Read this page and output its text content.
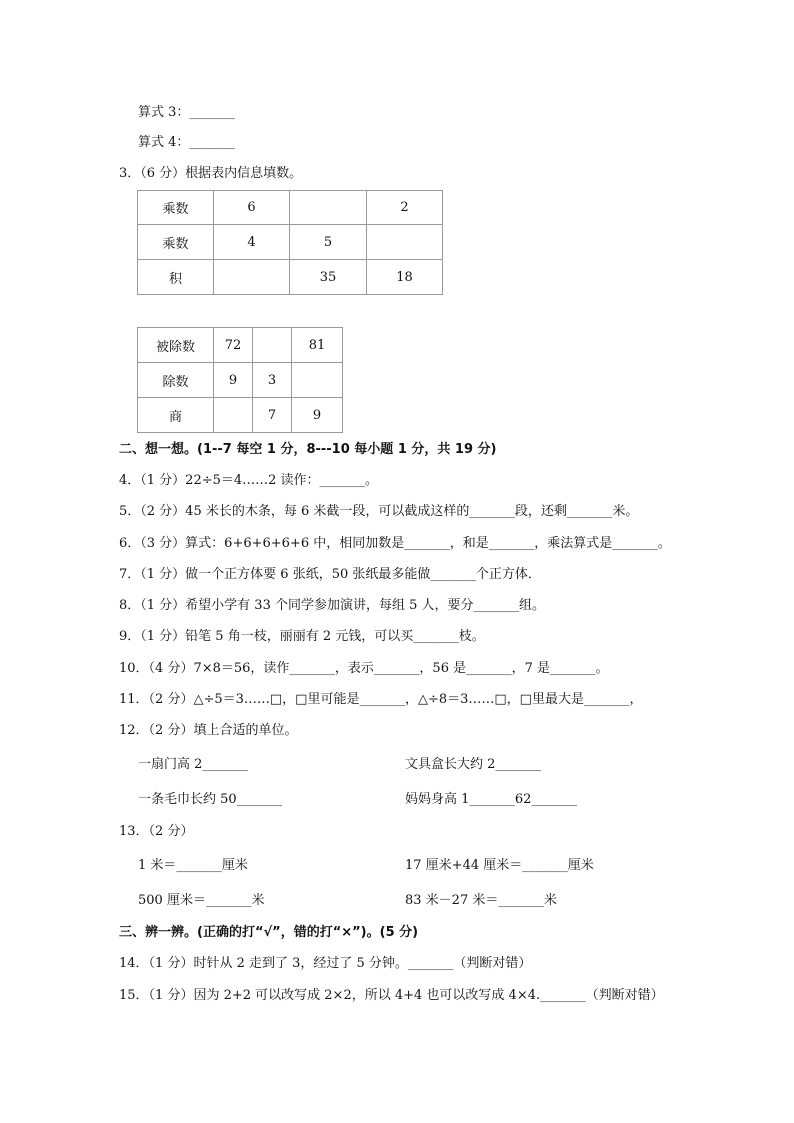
算式 3：_______
算式 4：_______
3．（6 分）根据表内信息填数。
乘数	6		2
乘数	4	5	
积		35	18
被除数	72		81
除数	9	3	
商		7	9
二、想一想。(1--7 每空 1 分，8---10 每小题 1 分，共 19 分)
4．（1 分）22÷5＝4……2 读作：_______。
5．（2 分）45 米长的木条，每 6 米截一段，可以截成这样的_______段，还剩_______米。
6．（3 分）算式：6+6+6+6+6 中，相同加数是_______，和是_______，乘法算式是_______。
7．（1 分）做一个正方体要 6 张纸，50 张纸最多能做_______个正方体．
8．（1 分）希望小学有 33 个同学参加演讲，每组 5 人，要分_______组。
9．（1 分）铅笔 5 角一枝，丽丽有 2 元钱，可以买_______枝。
10．（4 分）7×8＝56，读作_______，表示_______，56 是_______，7 是_______。
11．（2 分）△÷5＝3……□，□里可能是_______，△÷8＝3……□，□里最大是_______，
12．（2 分）填上合适的单位。
一扇门高 2_______	文具盒长大约 2_______
一条毛巾长约 50_______	妈妈身高 1_______62_______
13．（2 分）
1 米＝_______厘米	17 厘米+44 厘米＝_______厘米
500 厘米＝_______米	83 米－27 米＝_______米
三、辨一辨。(正确的打“√”，错的打“×”)。(5 分)
14．（1 分）时针从 2 走到了 3，经过了 5 分钟。_______（判断对错）
15．（1 分）因为 2+2 可以改写成 2×2，所以 4+4 也可以改写成 4×4._______（判断对错）
